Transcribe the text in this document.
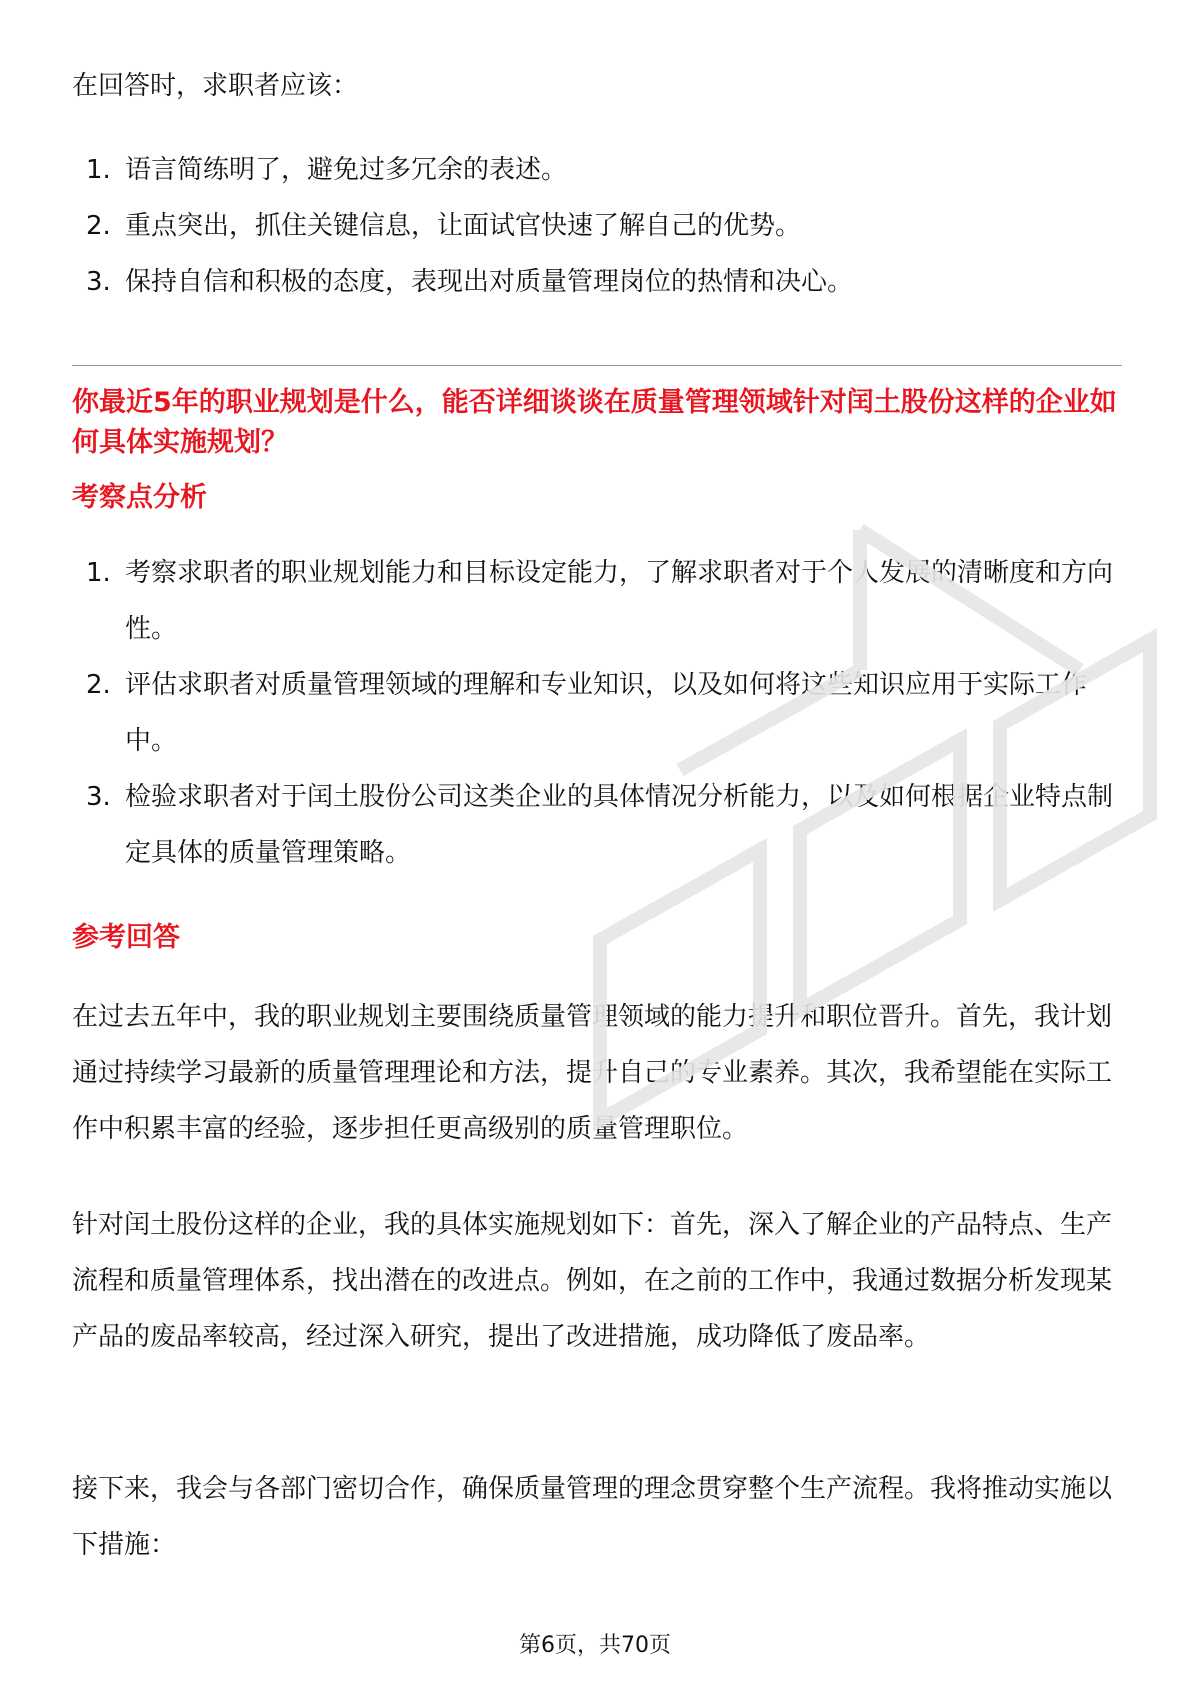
在回答时，求职者应该：

1. 语言简练明了，避免过多冗余的表述。
2. 重点突出，抓住关键信息，让面试官快速了解自己的优势。
3. 保持自信和积极的态度，表现出对质量管理岗位的热情和决心。

你最近5年的职业规划是什么，能否详细谈谈在质量管理领域针对闰土股份这样的企业如何具体实施规划？

考察点分析

1. 考察求职者的职业规划能力和目标设定能力，了解求职者对于个人发展的清晰度和方向性。
2. 评估求职者对质量管理领域的理解和专业知识，以及如何将这些知识应用于实际工作中。
3. 检验求职者对于闰土股份公司这类企业的具体情况分析能力，以及如何根据企业特点制定具体的质量管理策略。

参考回答

在过去五年中，我的职业规划主要围绕质量管理领域的能力提升和职位晋升。首先，我计划通过持续学习最新的质量管理理论和方法，提升自己的专业素养。其次，我希望能在实际工作中积累丰富的经验，逐步担任更高级别的质量管理职位。

针对闰土股份这样的企业，我的具体实施规划如下：首先，深入了解企业的产品特点、生产流程和质量管理体系，找出潜在的改进点。例如，在之前的工作中，我通过数据分析发现某产品的废品率较高，经过深入研究，提出了改进措施，成功降低了废品率。

接下来，我会与各部门密切合作，确保质量管理的理念贯穿整个生产流程。我将推动实施以下措施：

第6页，共70页
